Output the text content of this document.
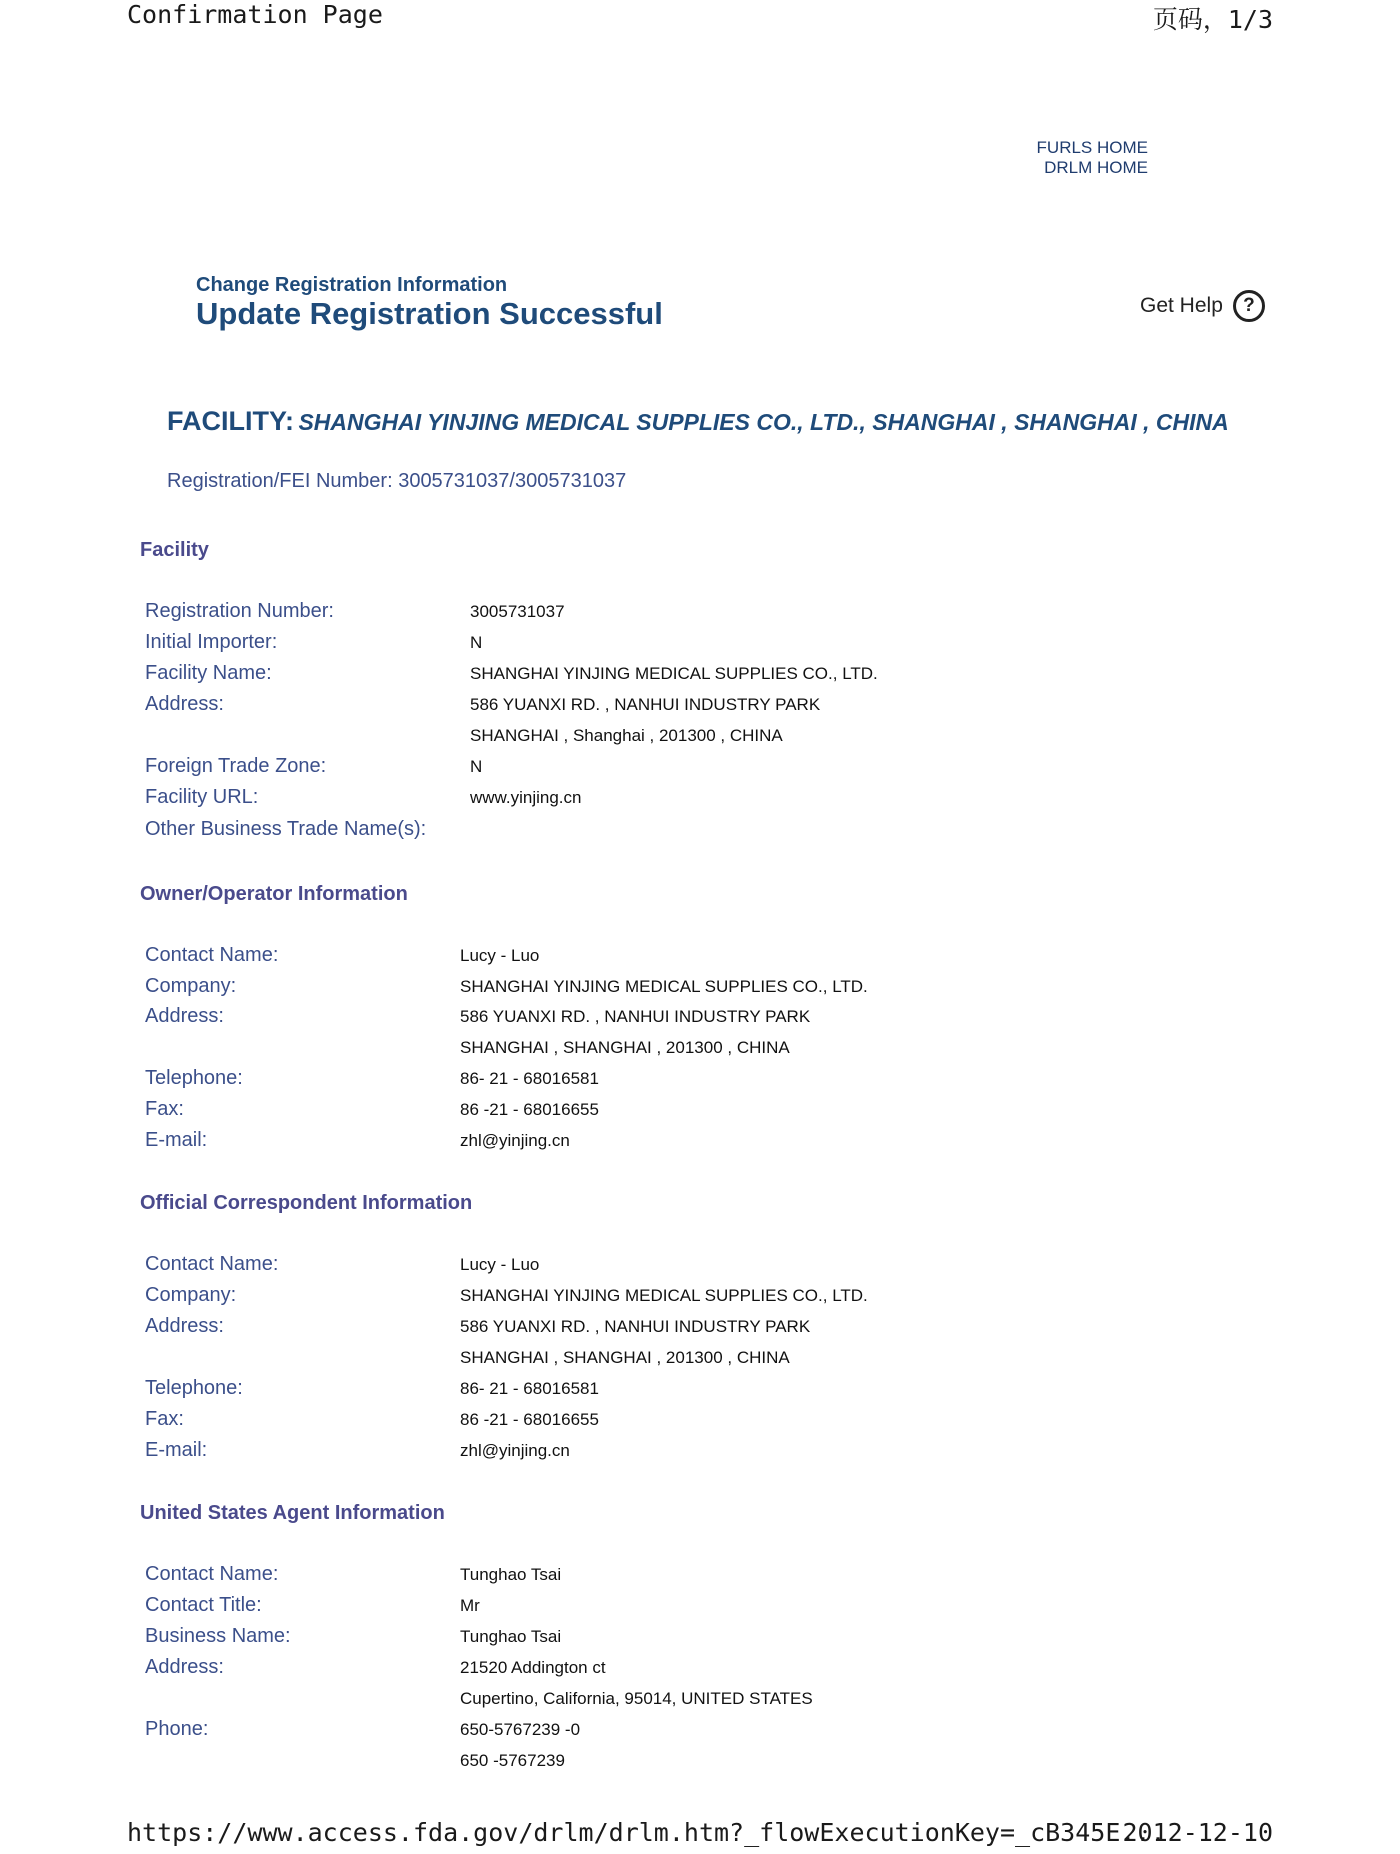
Confirmation Page	页码，1/3
https://www.access.fda.gov/drlm/drlm.htm?_flowExecutionKey=_cB345E...
2012-12-10
FURLS HOME
DRLM HOME
Change Registration Information
Update Registration Successful	Get Help	?
FACILITY: SHANGHAI YINJING MEDICAL SUPPLIES CO., LTD., SHANGHAI , SHANGHAI , CHINA
Registration/FEI Number: 3005731037/3005731037
Facility
Registration Number:	3005731037
Initial Importer:	N
Facility Name:	SHANGHAI YINJING MEDICAL SUPPLIES CO., LTD.
Address:	586 YUANXI RD. , NANHUI INDUSTRY PARK
SHANGHAI , Shanghai , 201300 , CHINA
Foreign Trade Zone:	N
Facility URL:	www.yinjing.cn
Other Business Trade Name(s):
Owner/Operator Information
Contact Name:	Lucy - Luo
Company:	SHANGHAI YINJING MEDICAL SUPPLIES CO., LTD.
Address:	586 YUANXI RD. , NANHUI INDUSTRY PARK
SHANGHAI , SHANGHAI , 201300 , CHINA
Telephone:	86- 21 - 68016581
Fax:	86 -21 - 68016655
E-mail:	zhl@yinjing.cn
Official Correspondent Information
Contact Name:	Lucy - Luo
Company:	SHANGHAI YINJING MEDICAL SUPPLIES CO., LTD.
Address:	586 YUANXI RD. , NANHUI INDUSTRY PARK
SHANGHAI , SHANGHAI , 201300 , CHINA
Telephone:	86- 21 - 68016581
Fax:	86 -21 - 68016655
E-mail:	zhl@yinjing.cn
United States Agent Information
Contact Name:	Tunghao Tsai
Contact Title:	Mr
Business Name:	Tunghao Tsai
Address:	21520 Addington ct
Cupertino, California, 95014, UNITED STATES
Phone:	650-5767239 -0
650 -5767239
